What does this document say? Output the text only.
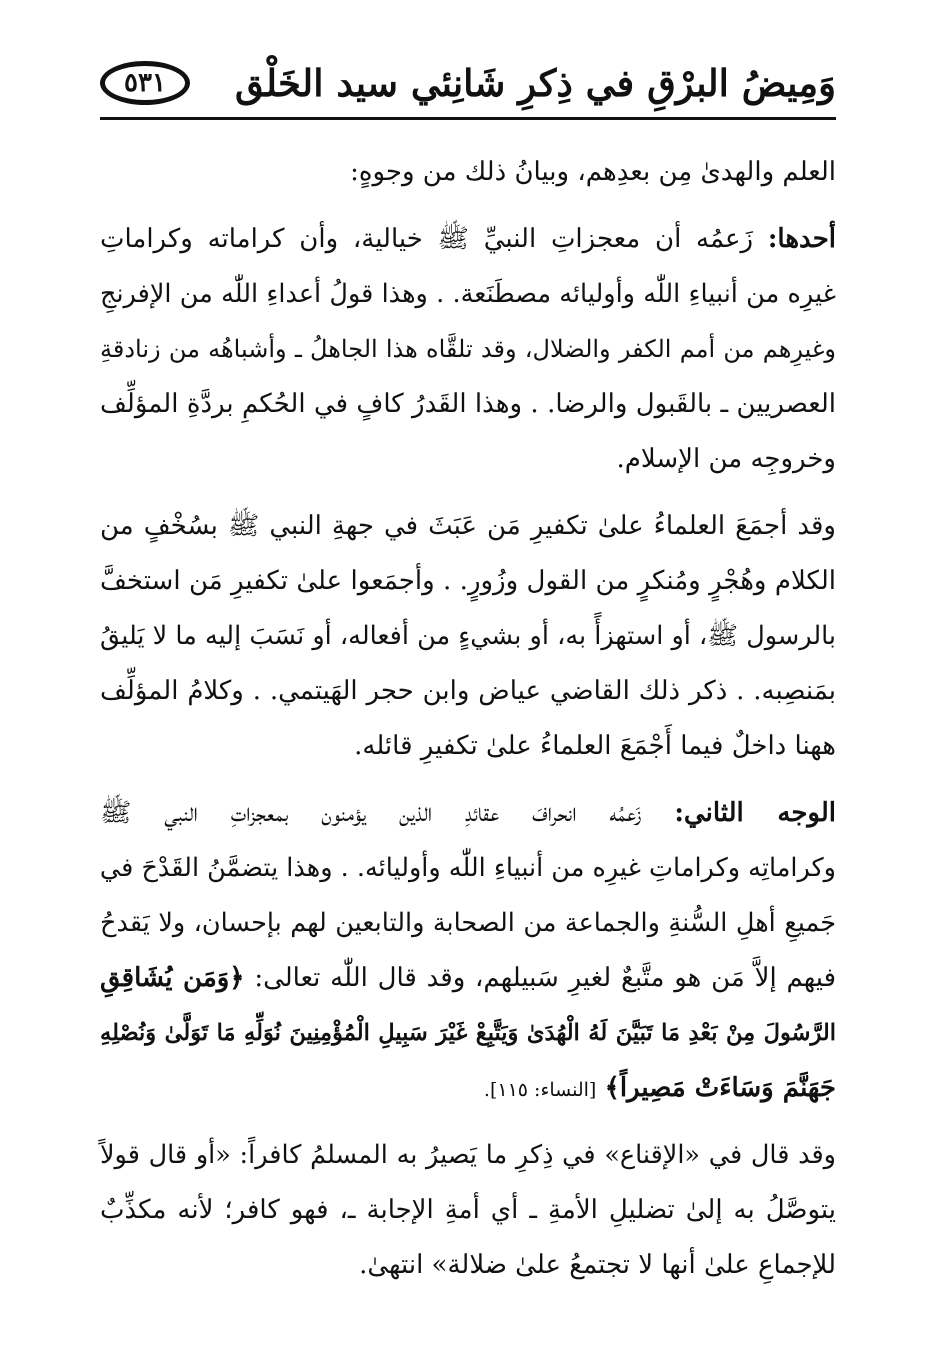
وَمِيضُ البرْقِ في ذِكرِ شَانِئي سيد الخَلْق
٥٣١
العلم والهدىٰ مِن بعدِهم، وبيانُ ذلك من وجوهٍ:
أحدها: زَعمُه أن معجزاتِ النبيِّ ﷺ خيالية، وأن كراماته وكراماتِ
غيرِه من أنبياءِ اللّٰه وأوليائه مصطَنَعة. . وهذا قولُ أعداءِ اللّٰه من الإفرنجِ
وغيرِهم من أمم الكفر والضلال، وقد تلقَّاه هذا الجاهلُ ـ وأشباهُه من زنادقةِ
العصريين ـ بالقَبول والرضا. . وهذا القَدرُ كافٍ في الحُكمِ بردَّةِ المؤلِّف
وخروجِه من الإسلام.
وقد أجمَعَ العلماءُ علىٰ تكفيرِ مَن عَبَثَ في جهةِ النبي ﷺ بسُخْفٍ من
الكلام وهُجْرٍ ومُنكرٍ من القول وزُورٍ. . وأجمَعوا علىٰ تكفيرِ مَن استخفَّ
بالرسول ﷺ، أو استهزأً به، أو بشيءٍ من أفعاله، أو نَسَبَ إليه ما لا يَليقُ
بمَنصِبه. . ذكر ذلك القاضي عياض وابن حجر الهَيتمي. . وكلامُ المؤلِّف
ههنا داخلٌ فيما أَجْمَعَ العلماءُ علىٰ تكفيرِ قائله.
الوجه الثاني: زَعمُه انحرافَ عقائدِ الذين يؤمنون بمعجزاتِ النبي ﷺ
وكراماتِه وكراماتِ غيرِه من أنبياءِ اللّٰه وأوليائه. . وهذا يتضمَّنُ القَدْحَ في
جَميعِ أهلِ السُّنةِ والجماعة من الصحابة والتابعين لهم بإحسان، ولا يَقدحُ
فيهم إلاَّ مَن هو متَّبعٌ لغيرِ سَبيلهم، وقد قال اللّٰه تعالى: ﴿وَمَن يُشَاقِقِ
الرَّسُولَ مِنْ بَعْدِ مَا تَبَيَّنَ لَهُ الْهُدَىٰ وَيَتَّبِعْ غَيْرَ سَبِيلِ الْمُؤْمِنِينَ نُوَلِّهِ مَا تَوَلَّىٰ وَنُصْلِهِ
جَهَنَّمَ وَسَاءَتْ مَصِيراً﴾ [النساء: ١١٥].
وقد قال في «الإقناع» في ذِكرِ ما يَصيرُ به المسلمُ كافراً: «أو قال قولاً
يتوصَّلُ به إلىٰ تضليلِ الأمةِ ـ أي أمةِ الإجابة ـ، فهو كافر؛ لأنه مكذِّبٌ
للإجماعِ علىٰ أنها لا تجتمعُ علىٰ ضلالة» انتهىٰ.
